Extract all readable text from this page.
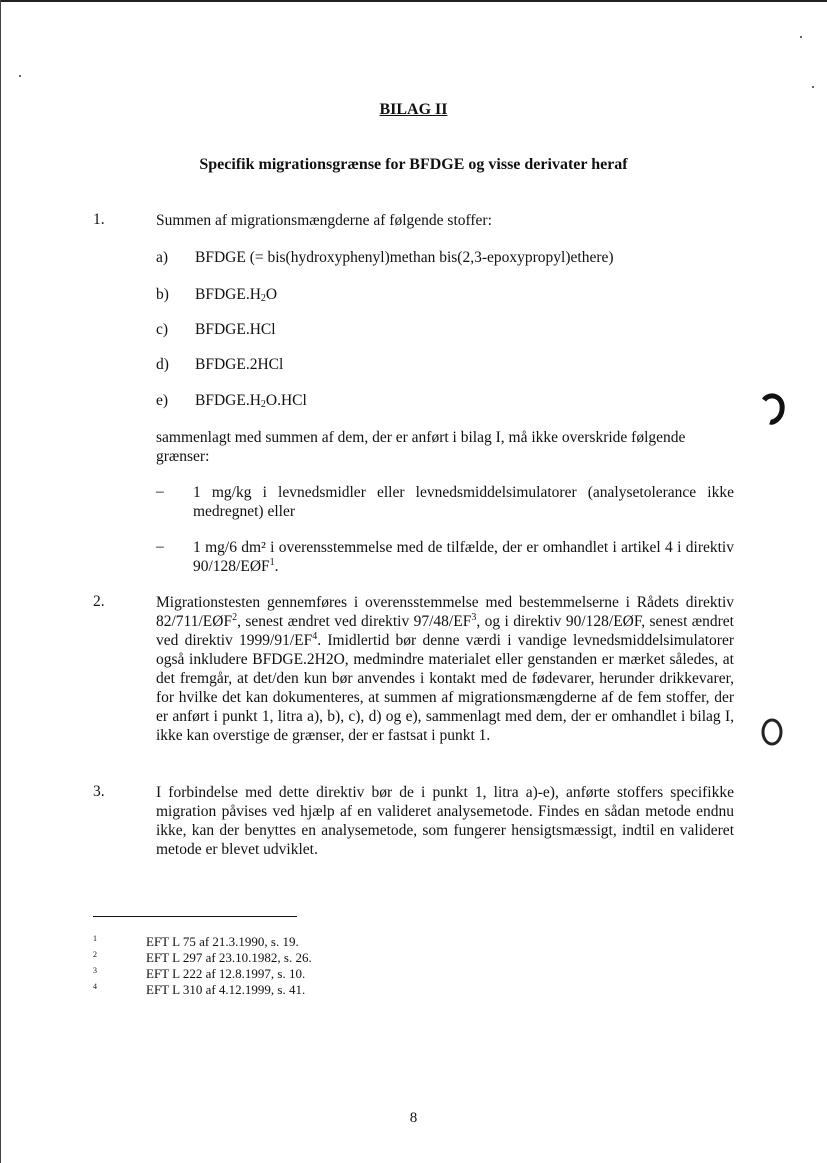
BILAG II
Specifik migrationsgrænse for BFDGE og visse derivater heraf
1.	Summen af migrationsmængderne af følgende stoffer:
a) BFDGE (= bis(hydroxyphenyl)methan bis(2,3-epoxypropyl)ethere)
b) $BFDGE.H_2O$
c) BFDGE.HCl
d) BFDGE.2HCl
e) $BFDGE.H_2O.HCl$
sammenlagt med summen af dem, der er anført i bilag I, må ikke overskride følgende grænser:
– 1 mg/kg i levnedsmidler eller levnedsmiddelsimulatorer (analysetolerance ikke medregnet) eller
– 1 mg/6 dm² i overensstemmelse med de tilfælde, der er omhandlet i artikel 4 i direktiv 90/128/EØF$^1$.
2.	Migrationstesten gennemføres i overensstemmelse med bestemmelserne i Rådets direktiv 82/711/EØF$^2$, senest ændret ved direktiv $97/48/EF^3$, og i direktiv 90/128/EØF, senest ændret ved direktiv $1999/91/EF^4$. Imidlertid bør denne værdi i vandige levnedsmiddelsimulatorer også inkludere BFDGE.2H2O, medmindre materialet eller genstanden er mærket således, at det fremgår, at det/den kun bør anvendes i kontakt med de fødevarer, herunder drikkevarer, for hvilke det kan dokumenteres, at summen af migrationsmængderne af de fem stoffer, der er anført i punkt 1, litra a), b), c), d) og e), sammenlagt med dem, der er omhandlet i bilag I, ikke kan overstige de grænser, der er fastsat i punkt 1.
3.	I forbindelse med dette direktiv bør de i punkt 1, litra a)-e), anførte stoffers specifikke migration påvises ved hjælp af en valideret analysemetode. Findes en sådan metode endnu ikke, kan der benyttes en analysemetode, som fungerer hensigtsmæssigt, indtil en valideret metode er blevet udviklet.
1	EFT L 75 af 21.3.1990, s. 19.
2	EFT L 297 af 23.10.1982, s. 26.
3	EFT L 222 af 12.8.1997, s. 10.
4	EFT L 310 af 4.12.1999, s. 41.
8
